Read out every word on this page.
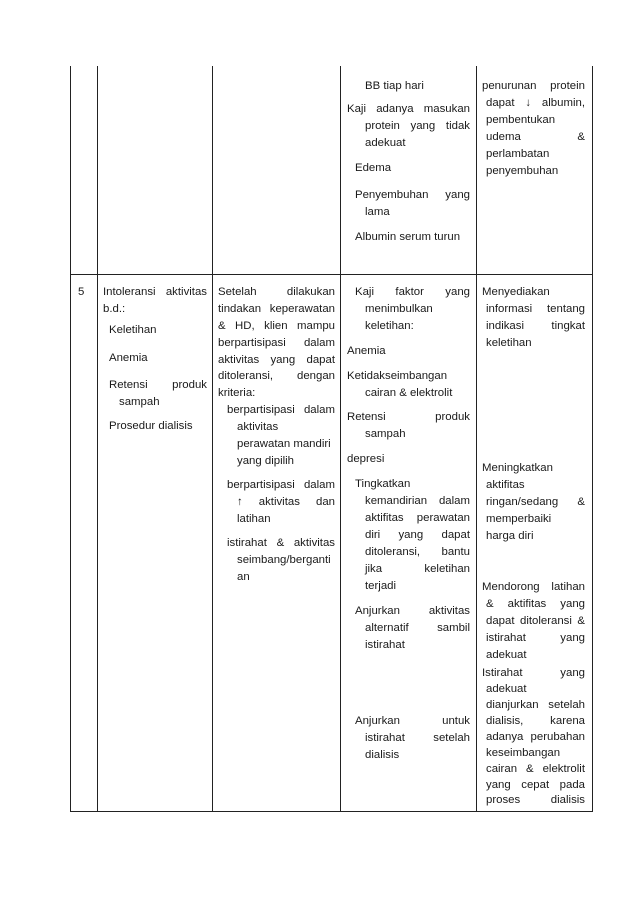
BB tiap hari
Kaji adanya masukan
protein yang tidak
adekuat
Edema
Penyembuhan yang
lama
Albumin serum turun
penurunan protein
dapat ↓ albumin,
pembentukan
udema &
perlambatan
penyembuhan
5	Intoleransi aktivitas
b.d.:
Keletihan
Anemia
Retensi produk
sampah
Prosedur dialisis
Setelah dilakukan
tindakan keperawatan
& HD, klien mampu
berpartisipasi dalam
aktivitas yang dapat
ditoleransi, dengan
kriteria:
berpartisipasi dalam
aktivitas
perawatan mandiri
yang dipilih
berpartisipasi dalam
↑ aktivitas dan
latihan
istirahat & aktivitas
seimbang/berganti
an
Kaji faktor yang
menimbulkan
keletihan:
Anemia
Ketidakseimbangan
cairan & elektrolit
Retensi produk
sampah
depresi
Tingkatkan
kemandirian dalam
aktifitas perawatan
diri yang dapat
ditoleransi, bantu
jika keletihan
terjadi
Anjurkan aktivitas
alternatif sambil
istirahat
Anjurkan untuk
istirahat setelah
dialisis
Menyediakan
informasi tentang
indikasi tingkat
keletihan
Meningkatkan
aktifitas
ringan/sedang &
memperbaiki
harga diri
Mendorong latihan
& aktifitas yang
dapat ditoleransi &
istirahat yang
adekuat
Istirahat yang
adekuat
dianjurkan setelah
dialisis, karena
adanya perubahan
keseimbangan
cairan & elektrolit
yang cepat pada
proses dialisis
